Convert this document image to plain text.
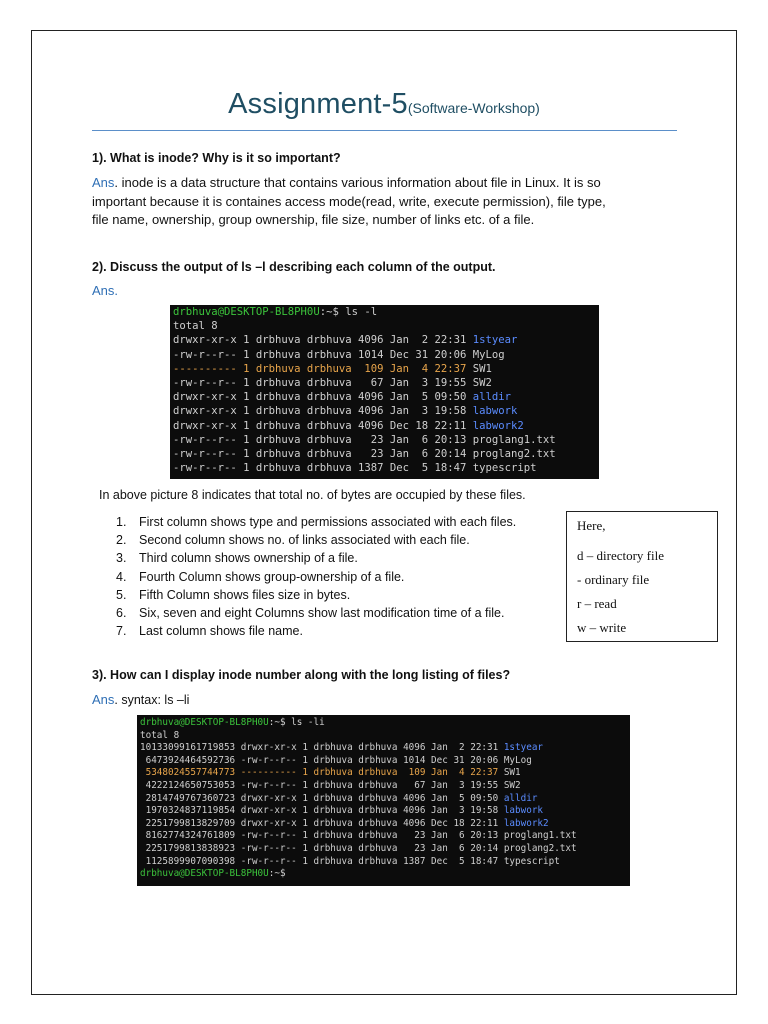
Assignment-5(Software-Workshop)
1). What is inode? Why is it so important?
Ans. inode is a data structure that contains various information about file in Linux. It is so
important because it is containes access mode(read, write, execute permission), file type,
file name, ownership, group ownership, file size, number of links etc. of a file.
2). Discuss the output of ls –l describing each column of the output.
Ans.
drbhuva@DESKTOP-BL8PH0U:~$ ls -l
total 8
drwxr-xr-x 1 drbhuva drbhuva 4096 Jan  2 22:31 1styear
-rw-r--r-- 1 drbhuva drbhuva 1014 Dec 31 20:06 MyLog
---------- 1 drbhuva drbhuva  109 Jan  4 22:37 SW1
-rw-r--r-- 1 drbhuva drbhuva   67 Jan  3 19:55 SW2
drwxr-xr-x 1 drbhuva drbhuva 4096 Jan  5 09:50 alldir
drwxr-xr-x 1 drbhuva drbhuva 4096 Jan  3 19:58 labwork
drwxr-xr-x 1 drbhuva drbhuva 4096 Dec 18 22:11 labwork2
-rw-r--r-- 1 drbhuva drbhuva   23 Jan  6 20:13 proglang1.txt
-rw-r--r-- 1 drbhuva drbhuva   23 Jan  6 20:14 proglang2.txt
-rw-r--r-- 1 drbhuva drbhuva 1387 Dec  5 18:47 typescript
In above picture 8 indicates that total no. of bytes are occupied by these files.
1. First column shows type and permissions associated with each files.
2. Second column shows no. of links associated with each file.
3. Third column shows ownership of a file.
4. Fourth Column shows group-ownership of a file.
5. Fifth Column shows files size in bytes.
6. Six, seven and eight Columns show last modification time of a file.
7. Last column shows file name.
Here,
d – directory file
- ordinary file
r – read
w – write
3). How can I display inode number along with the long listing of files?
Ans. syntax: ls –li
drbhuva@DESKTOP-BL8PH0U:~$ ls -li
total 8
10133099161719853 drwxr-xr-x 1 drbhuva drbhuva 4096 Jan  2 22:31 1styear
6473924464592736 -rw-r--r-- 1 drbhuva drbhuva 1014 Dec 31 20:06 MyLog
5348024557744773 ---------- 1 drbhuva drbhuva  109 Jan  4 22:37 SW1
4222124650753053 -rw-r--r-- 1 drbhuva drbhuva   67 Jan  3 19:55 SW2
2814749767360723 drwxr-xr-x 1 drbhuva drbhuva 4096 Jan  5 09:50 alldir
1970324837119854 drwxr-xr-x 1 drbhuva drbhuva 4096 Jan  3 19:58 labwork
2251799813829709 drwxr-xr-x 1 drbhuva drbhuva 4096 Dec 18 22:11 labwork2
8162774324761809 -rw-r--r-- 1 drbhuva drbhuva   23 Jan  6 20:13 proglang1.txt
2251799813838923 -rw-r--r-- 1 drbhuva drbhuva   23 Jan  6 20:14 proglang2.txt
1125899907090398 -rw-r--r-- 1 drbhuva drbhuva 1387 Dec  5 18:47 typescript
drbhuva@DESKTOP-BL8PH0U:~$
